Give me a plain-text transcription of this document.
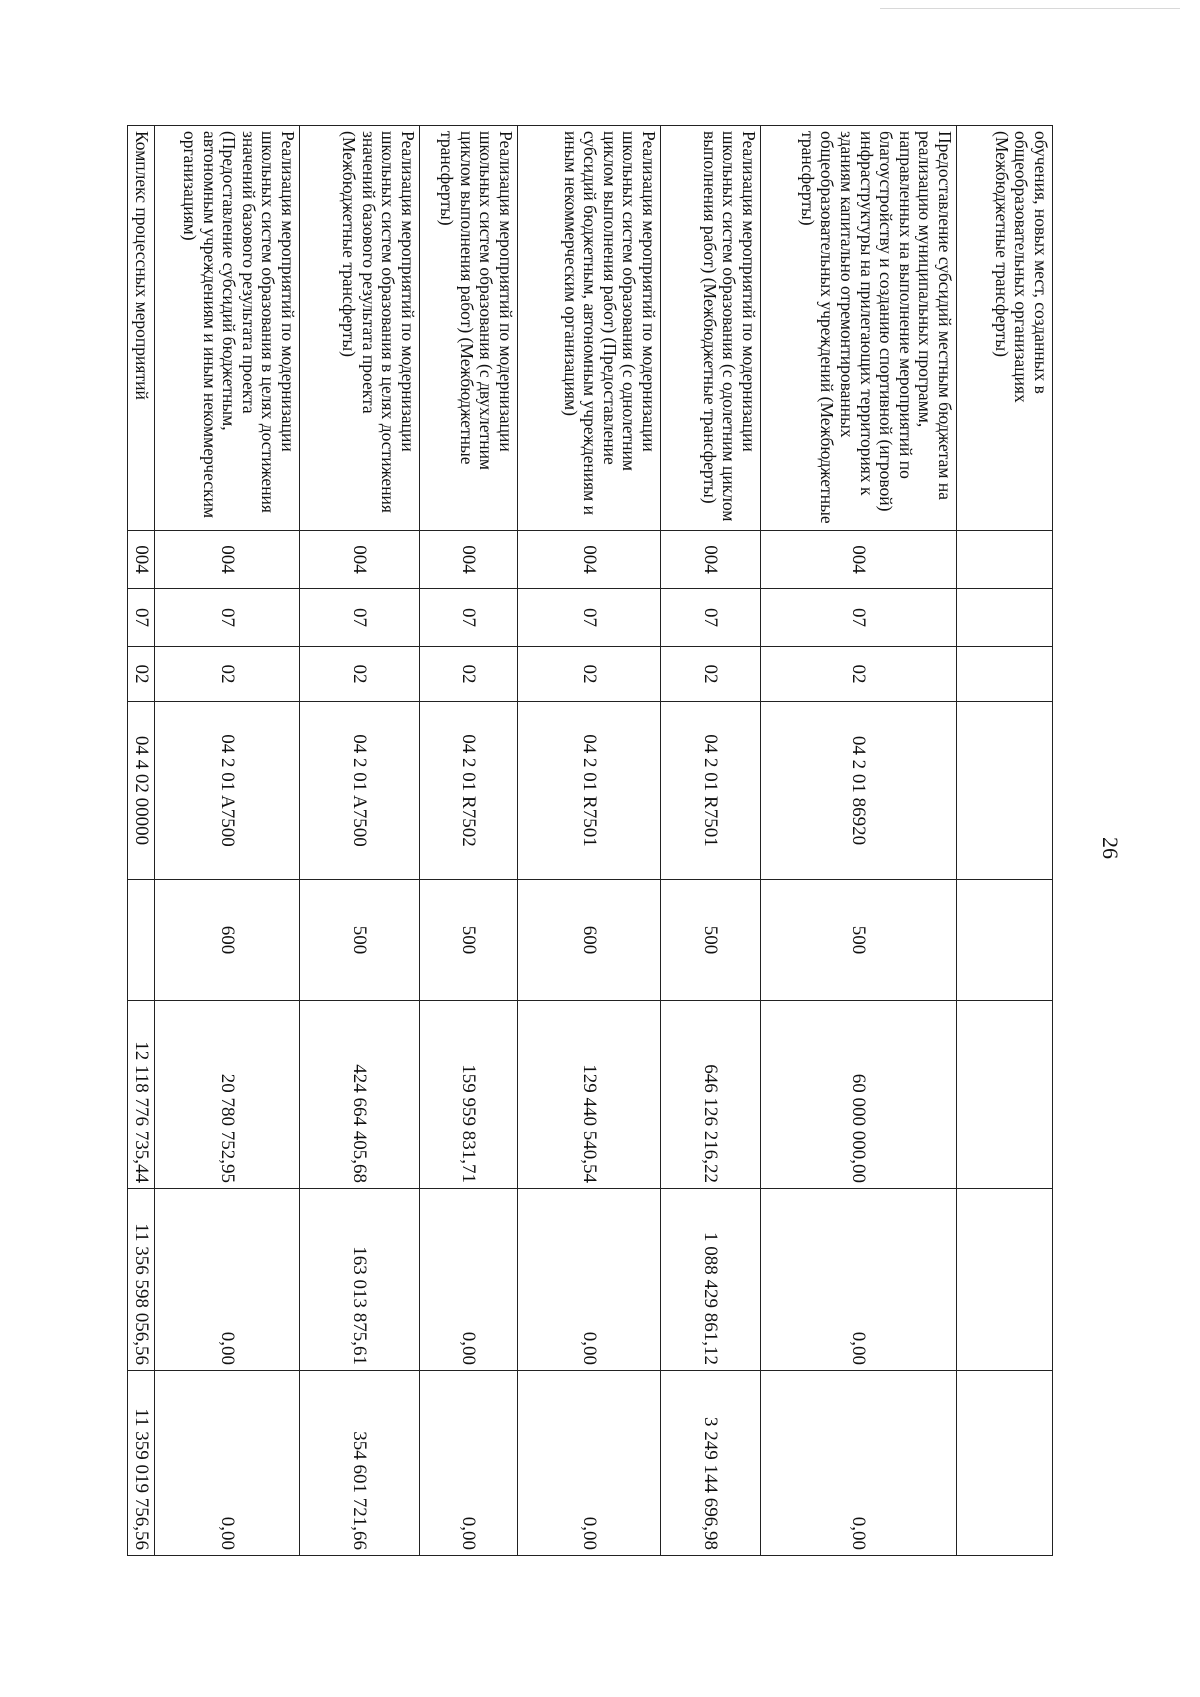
26
обучения, новых мест, созданных в общеобразовательных организациях (Межбюджетные трансферты)								
Предоставление субсидий местным бюджетам на реализацию муниципальных программ, направленных на выполнение мероприятий по благоустройству и созданию спортивной (игровой) инфраструктуры на прилегающих территориях к зданиям капитально отремонтированных общеобразовательных учреждений (Межбюджетные трансферты)	004	07	02	04 2 01 86920	500	60 000 000,00	0,00	0,00
Реализация мероприятий по модернизации школьных систем образования (с одолетним циклом выполнения работ) (Межбюджетные трансферты)	004	07	02	04 2 01 R7501	500	646 126 216,22	1 088 429 861,12	3 249 144 696,98
Реализация мероприятий по модернизации школьных систем образования (с однолетним циклом выполнения работ) (Предоставление субсидий бюджетным, автономным учреждениям и иным некоммерческим организациям)	004	07	02	04 2 01 R7501	600	129 440 540,54	0,00	0,00
Реализация мероприятий по модернизации школьных систем образования (с двухлетним циклом выполнения работ) (Межбюджетные трансферты)	004	07	02	04 2 01 R7502	500	159 959 831,71	0,00	0,00
Реализация мероприятий по модернизации школьных систем образования в целях достижения значений базового результата проекта (Межбюджетные трансферты)	004	07	02	04 2 01 A7500	500	424 664 405,68	163 013 875,61	354 601 721,66
Реализация мероприятий по модернизации школьных систем образования в целях достижения значений базового результата проекта (Предоставление субсидий бюджетным, автономным учреждениям и иным некоммерческим организациям)	004	07	02	04 2 01 A7500	600	20 780 752,95	0,00	0,00
Комплекс процессных мероприятий	004	07	02	04 4 02 00000		12 118 776 735,44	11 356 598 056,56	11 359 019 756,56
